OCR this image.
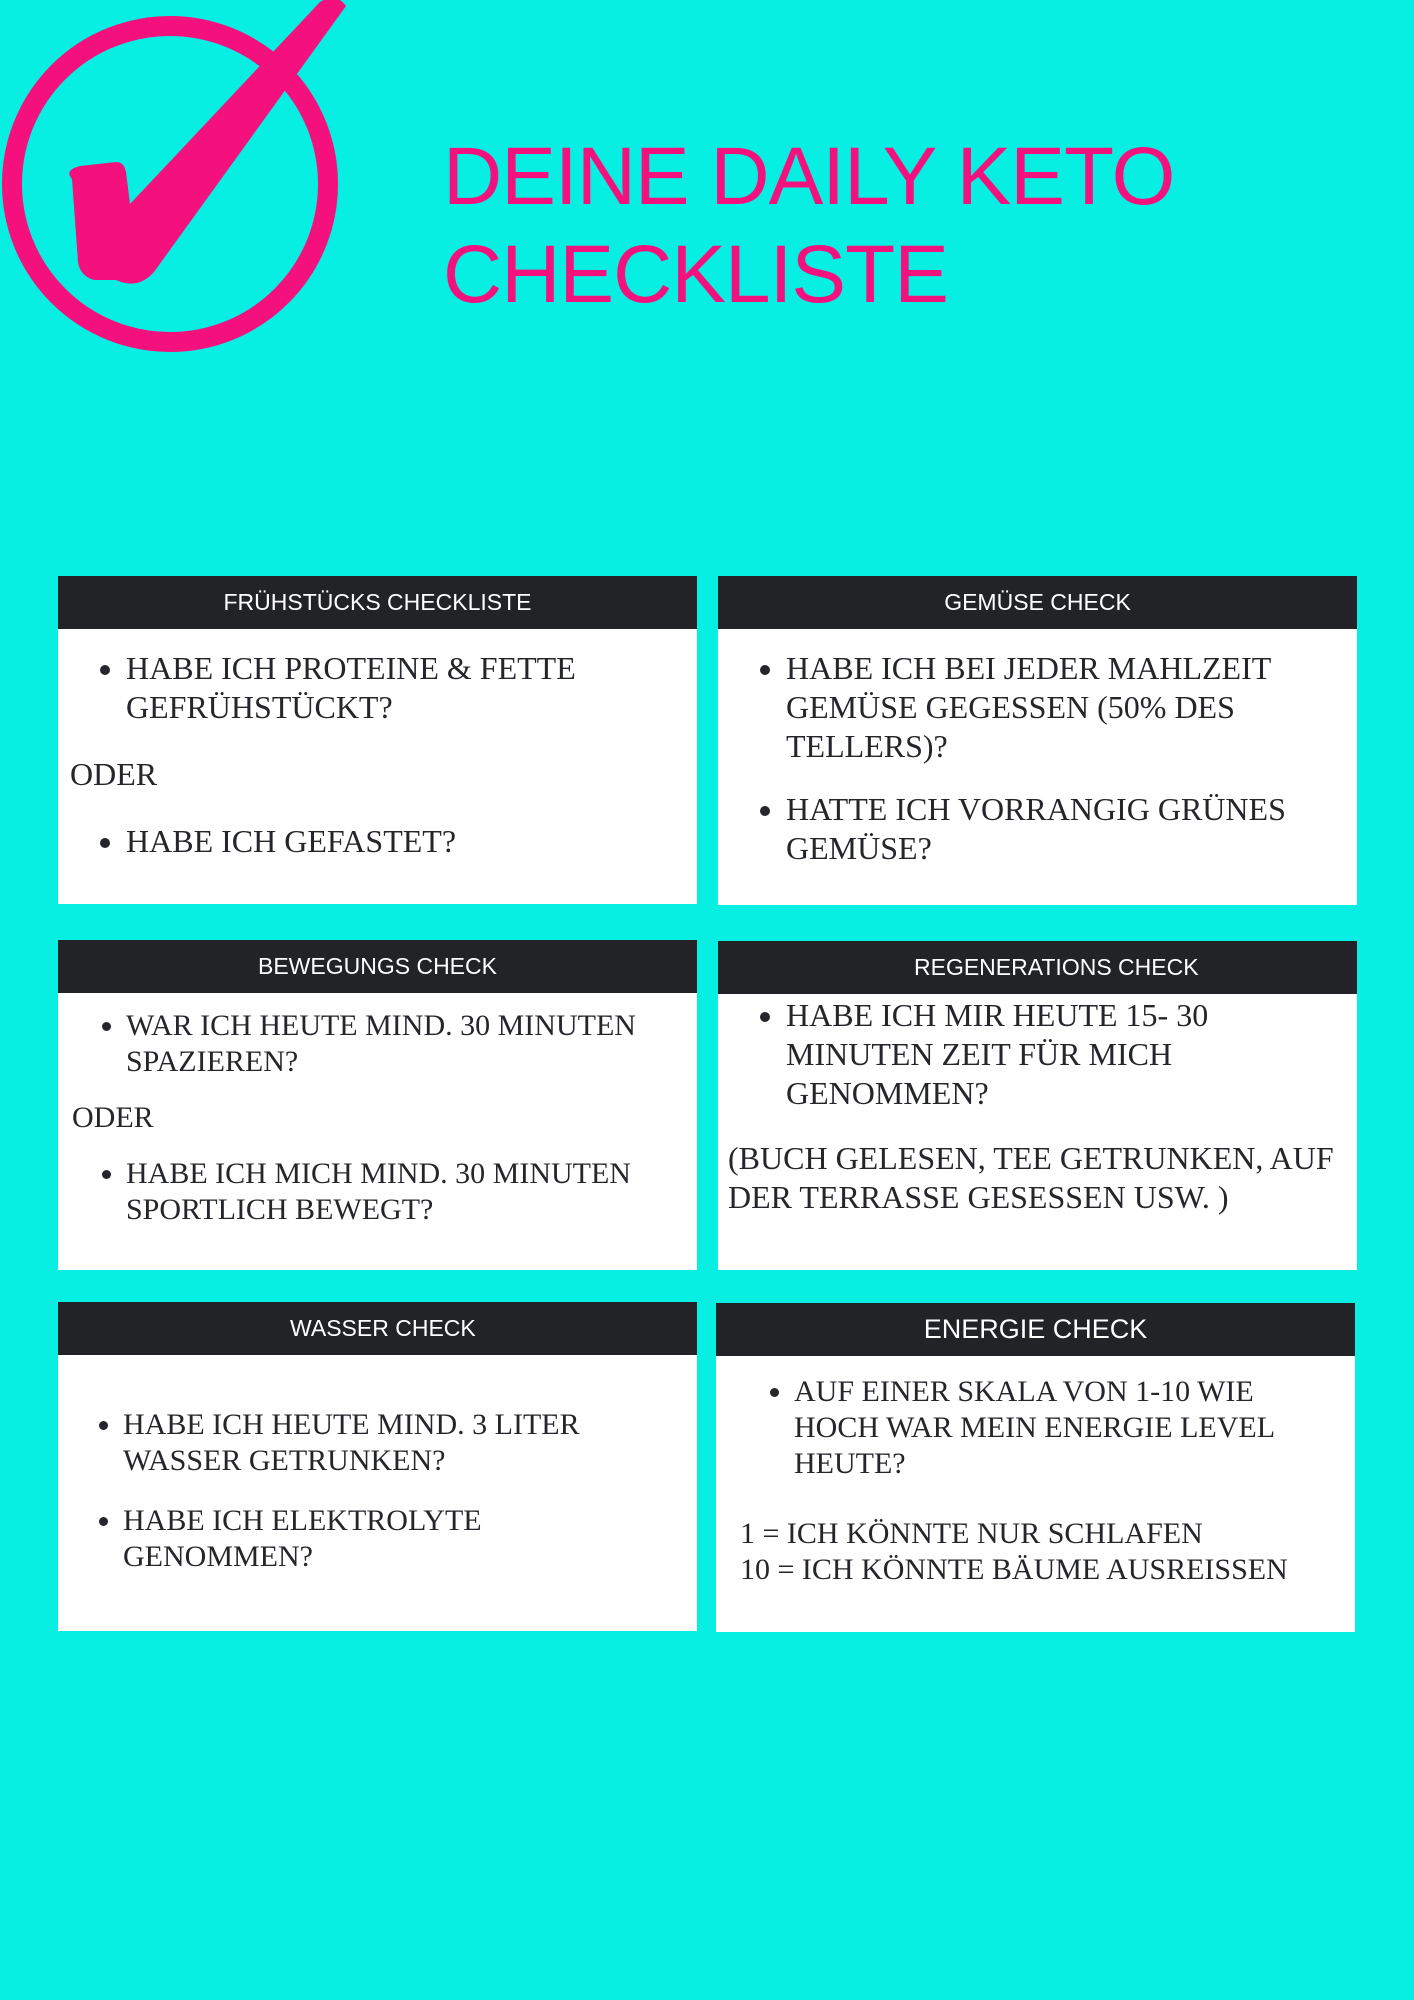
DEINE DAILY KETO CHECKLISTE
FRÜHSTÜCKS CHECKLISTE
• HABE ICH PROTEINE & FETTE GEFRÜHSTÜCKT?

ODER

• HABE ICH GEFASTET?
GEMÜSE CHECK
• HABE ICH BEI JEDER MAHLZEIT GEMÜSE GEGESSEN (50% DES TELLERS)?
• HATTE ICH VORRANGIG GRÜNES GEMÜSE?
BEWEGUNGS CHECK
• WAR ICH HEUTE MIND. 30 MINUTEN SPAZIEREN?

ODER

• HABE ICH MICH MIND. 30 MINUTEN SPORTLICH BEWEGT?
REGENERATIONS CHECK
• HABE ICH MIR HEUTE 15- 30 MINUTEN ZEIT FÜR MICH GENOMMEN?

(BUCH GELESEN, TEE GETRUNKEN, AUF DER TERRASSE GESESSEN USW. )

WASSER CHECK
• HABE ICH HEUTE MIND. 3 LITER WASSER GETRUNKEN?
• HABE ICH ELEKTROLYTE GENOMMEN?
ENERGIE CHECK
• AUF EINER SKALA VON 1-10 WIE HOCH WAR MEIN ENERGIE LEVEL HEUTE?
1 = ICH KÖNNTE NUR SCHLAFEN
10 = ICH KÖNNTE BÄUME AUSREISSEN
